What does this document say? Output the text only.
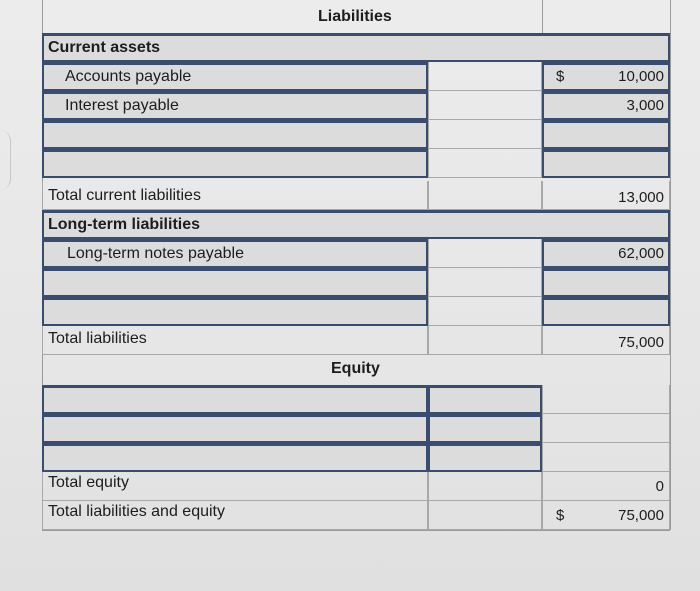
Liabilities
Current assets
Accounts payable	$	10,000
Interest payable	3,000
Total current liabilities	13,000
Long-term liabilities
Long-term notes payable	62,000
Total liabilities	75,000
Equity
Total equity	0
Total liabilities and equity	$	75,000
